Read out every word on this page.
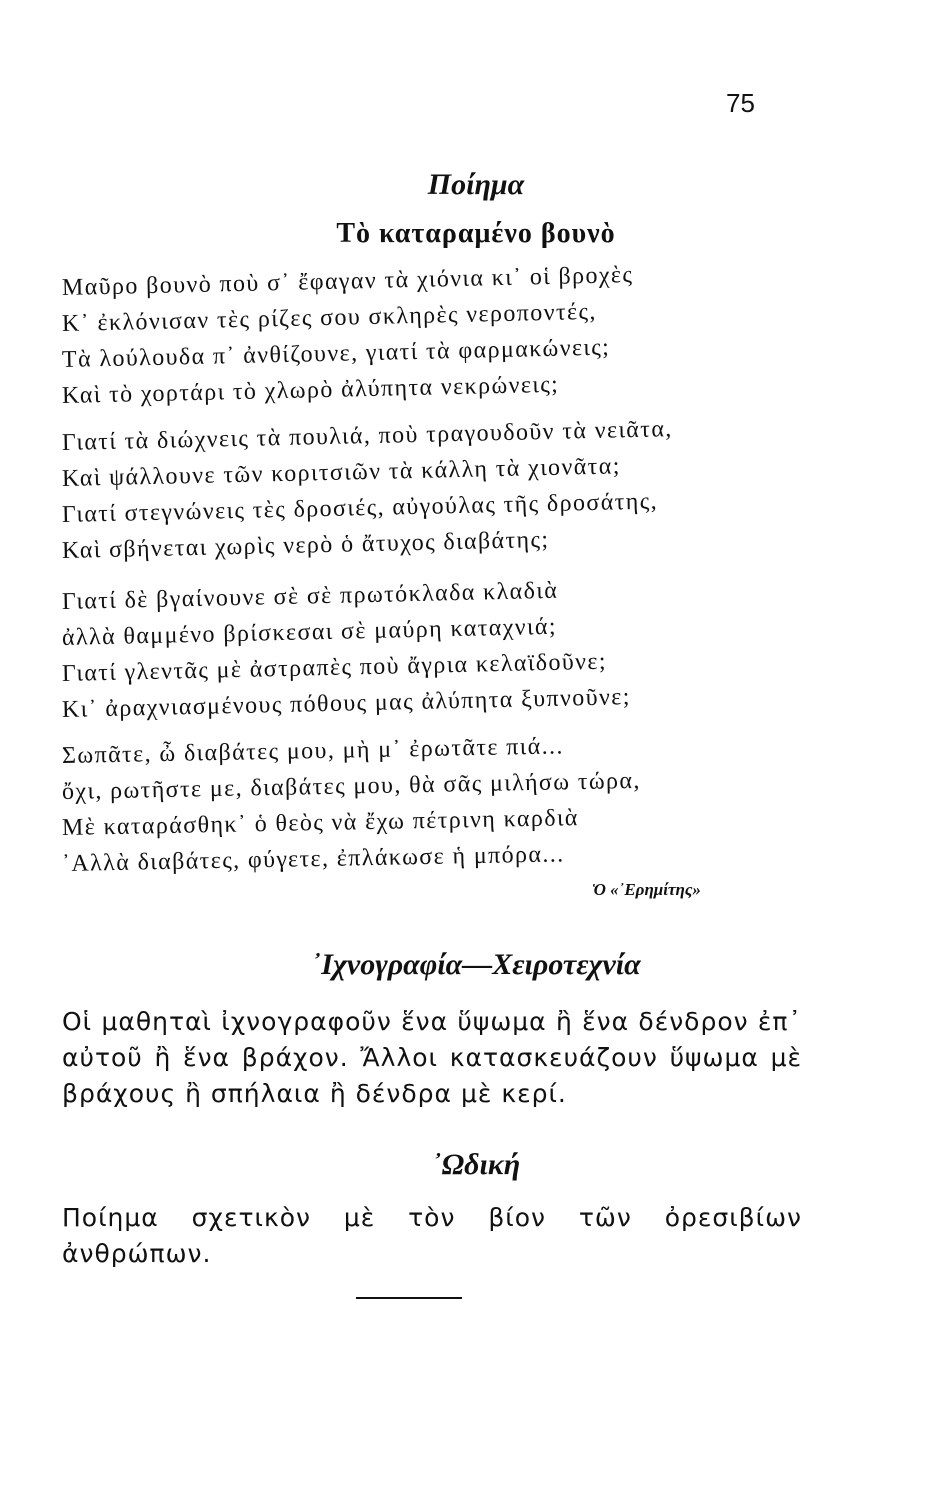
75
Ποίημα
Τὸ καταραμένο βουνὸ
Μαῦρο βουνὸ ποὺ σ᾽ ἔφαγαν τὰ χιόνια κι᾽ οἱ βροχὲς
Κ᾽ ἐκλόνισαν τὲς ρίζες σου σκληρὲς νεροποντές,
Τὰ λούλουδα π᾽ ἀνθίζουνε, γιατί τὰ φαρμακώνεις;
Καὶ τὸ χορτάρι τὸ χλωρὸ ἀλύπητα νεκρώνεις;
Γιατί τὰ διώχνεις τὰ πουλιά, ποὺ τραγουδοῦν τὰ νειᾶτα,
Καὶ ψάλλουνε τῶν κοριτσιῶν τὰ κάλλη τὰ χιονᾶτα;
Γιατί στεγνώνεις τὲς δροσιές, αὐγούλας τῆς δροσάτης,
Καὶ σβήνεται χωρὶς νερὸ ὁ ἄτυχος διαβάτης;
Γιατί δὲ βγαίνουνε σὲ σὲ πρωτόκλαδα κλαδιὰ
ἀλλὰ θαμμένο βρίσκεσαι σὲ μαύρη καταχνιά;
Γιατί γλεντᾶς μὲ ἀστραπὲς ποὺ ἄγρια κελαϊδοῦνε;
Κι᾽ ἀραχνιασμένους πόθους μας ἀλύπητα ξυπνοῦνε;
Σωπᾶτε, ὦ διαβάτες μου, μὴ μ᾽ ἐρωτᾶτε πιά...
ὄχι, ρωτῆστε με, διαβάτες μου, θὰ σᾶς μιλήσω τώρα,
Μὲ καταράσθηκ᾽ ὁ θεὸς νὰ ἔχω πέτρινη καρδιὰ
᾽Αλλὰ διαβάτες, φύγετε, ἐπλάκωσε ἡ μπόρα...
Ὁ «᾽Ερημίτης»
᾽Ιχνογραφία—Χειροτεχνία
Οἱ μαθηταὶ ἰχνογραφοῦν ἕνα ὕψωμα ἢ ἕνα δένδρον ἐπ᾽ αὐτοῦ ἢ ἕνα βράχον. Ἄλλοι κατασκευάζουν ὕψωμα μὲ βράχους ἢ σπήλαια ἢ δένδρα μὲ κερί.
᾽Ωδική
Ποίημα σχετικὸν μὲ τὸν βίον τῶν ὀρεσιβίων ἀνθρώπων.
